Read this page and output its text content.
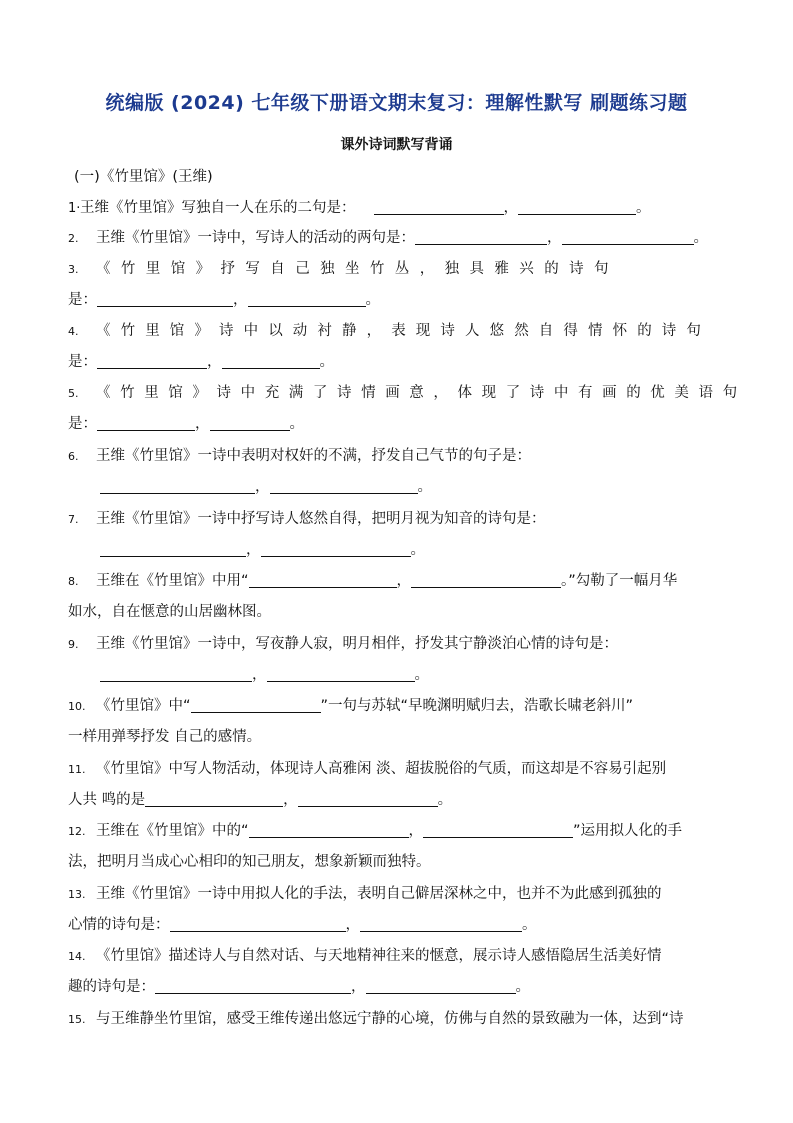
统编版 (2024) 七年级下册语文期末复习：理解性默写 刷题练习题
课外诗词默写背诵
(一)《竹里馆》(王维)
1·王维《竹里馆》写独自一人在乐的二句是：	，	。
2. 王维《竹里馆》一诗中，写诗人的活动的两句是：	，	。
3. 《竹里馆》抒写自己独坐竹丛，独具雅兴的诗句
是：	，	。
4. 《竹里馆》诗中以动衬静，表现诗人悠然自得情怀的诗句
是：	，	。
5. 《竹里馆》诗中充满了诗情画意，体现了诗中有画的优美语句
是：	，	。
6. 王维《竹里馆》一诗中表明对权奸的不满，抒发自己气节的句子是：
，	。
7. 王维《竹里馆》一诗中抒写诗人悠然自得，把明月视为知音的诗句是：
，	。
8. 王维在《竹里馆》中用“	，	。”勾勒了一幅月华
如水，自在惬意的山居幽林图。
9. 王维《竹里馆》一诗中，写夜静人寂，明月相伴，抒发其宁静淡泊心情的诗句是：
，	。
10. 《竹里馆》中“	”一句与苏轼“早晚渊明赋归去，浩歌长啸老斜川”
一样用弹琴抒发 自己的感情。
11. 《竹里馆》中写人物活动，体现诗人高雅闲 淡、超拔脱俗的气质，而这却是不容易引起别
人共 鸣的是	，	。
12. 王维在《竹里馆》中的“	，	”运用拟人化的手
法，把明月当成心心相印的知己朋友，想象新颖而独特。
13. 王维《竹里馆》一诗中用拟人化的手法，表明自己僻居深林之中，也并不为此感到孤独的
心情的诗句是：	，	。
14. 《竹里馆》描述诗人与自然对话、与天地精神往来的惬意，展示诗人感悟隐居生活美好情
趣的诗句是：	，	。
15. 与王维静坐竹里馆，感受王维传递出悠远宁静的心境，仿佛与自然的景致融为一体，达到“诗
